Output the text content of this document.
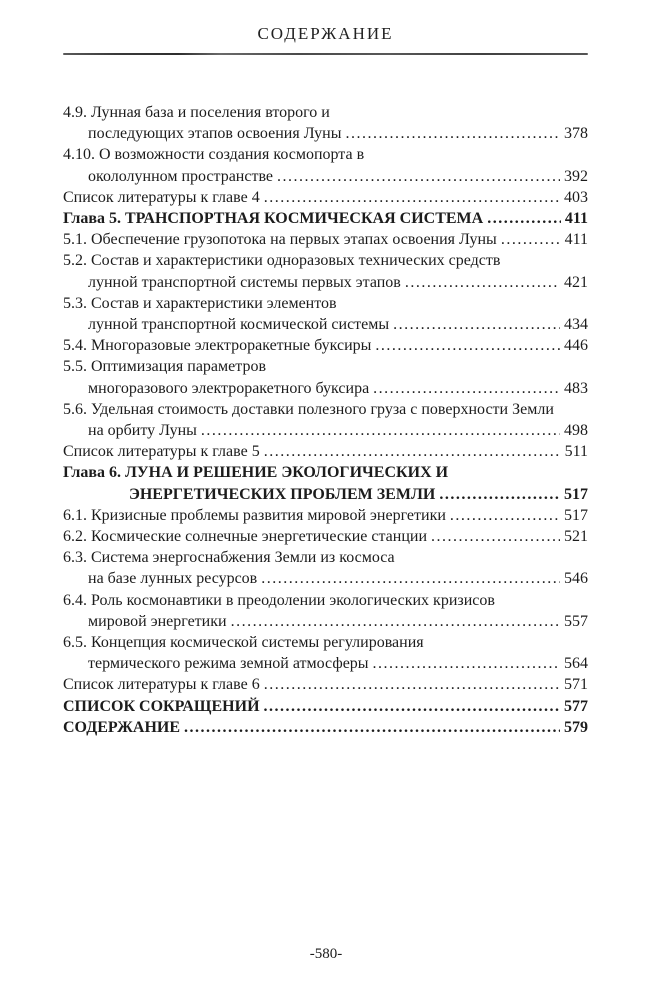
СОДЕРЖАНИЕ
4.9. Лунная база и поселения второго и
последующих этапов освоения Луны .....	378
4.10. О возможности создания космопорта в
окололунном пространстве .....	392
Список литературы к главе 4 .....	403
Глава 5. ТРАНСПОРТНАЯ КОСМИЧЕСКАЯ СИСТЕМА .....	411
5.1. Обеспечение грузопотока на первых этапах освоения Луны .....	411
5.2. Состав и характеристики одноразовых технических средств
лунной транспортной системы первых этапов .....	421
5.3. Состав и характеристики элементов
лунной транспортной космической системы .....	434
5.4. Многоразовые электроракетные буксиры .....	446
5.5. Оптимизация параметров
многоразового электроракетного буксира .....	483
5.6. Удельная стоимость доставки полезного груза с поверхности Земли
на орбиту Луны .....	498
Список литературы к главе 5 .....	511
Глава 6. ЛУНА И РЕШЕНИЕ ЭКОЛОГИЧЕСКИХ И
ЭНЕРГЕТИЧЕСКИХ ПРОБЛЕМ ЗЕМЛИ .....	517
6.1. Кризисные проблемы развития мировой энергетики .....	517
6.2. Космические солнечные энергетические станции .....	521
6.3. Система энергоснабжения Земли из космоса
на базе лунных ресурсов .....	546
6.4. Роль космонавтики в преодолении экологических кризисов
мировой энергетики .....	557
6.5. Концепция космической системы регулирования
термического режима земной атмосферы .....	564
Список литературы к главе 6 .....	571
СПИСОК СОКРАЩЕНИЙ .....	577
СОДЕРЖАНИЕ .....	579
-580-
